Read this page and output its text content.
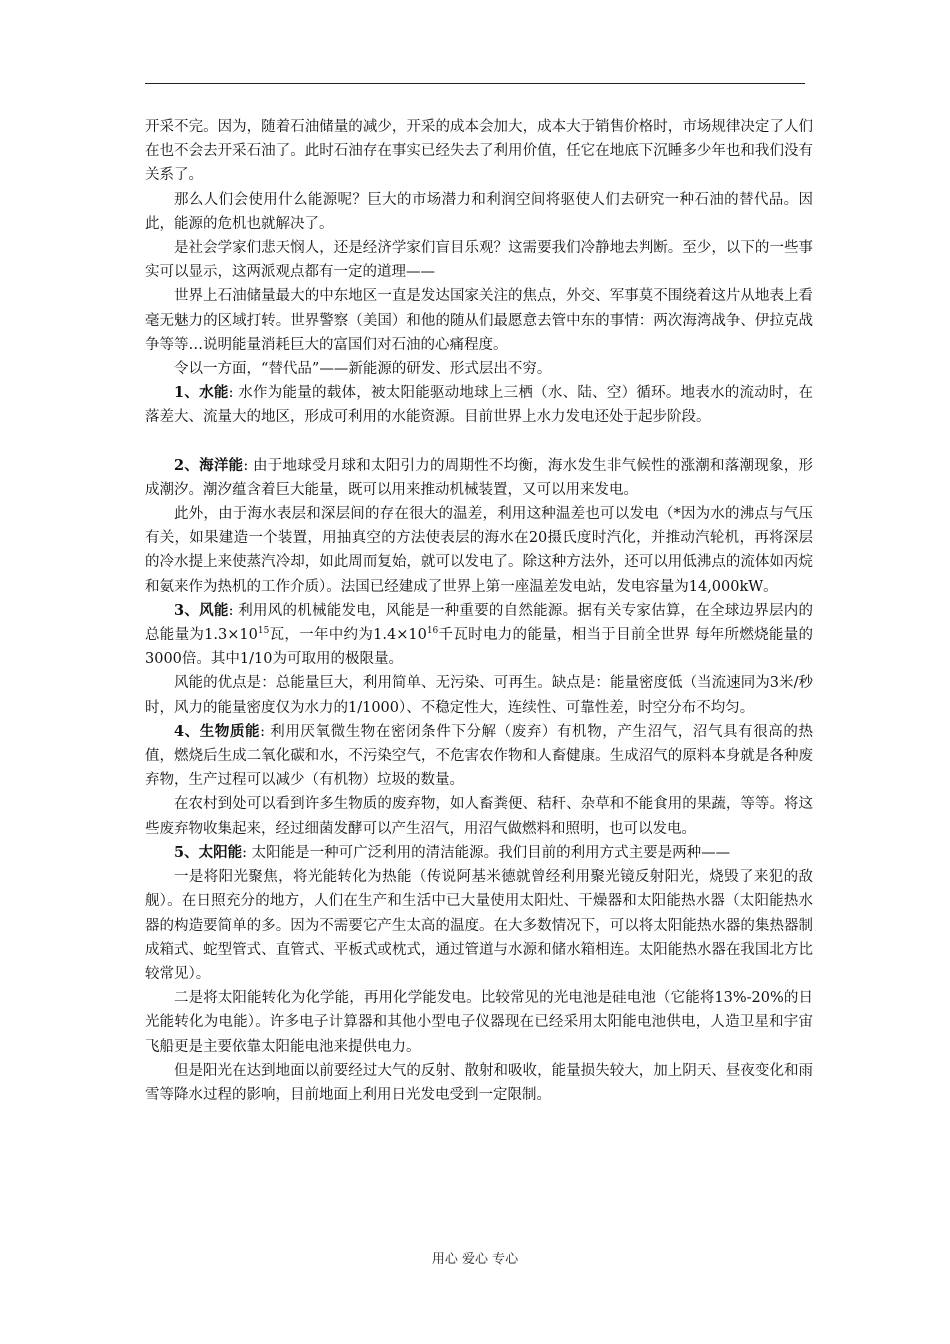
开采不完。因为，随着石油储量的减少，开采的成本会加大，成本大于销售价格时，市场规律决定了人们在也不会去开采石油了。此时石油存在事实已经失去了利用价值，任它在地底下沉睡多少年也和我们没有关系了。

那么人们会使用什么能源呢？巨大的市场潜力和利润空间将驱使人们去研究一种石油的替代品。因此，能源的危机也就解决了。

是社会学家们悲天悯人，还是经济学家们盲目乐观？这需要我们冷静地去判断。至少，以下的一些事实可以显示，这两派观点都有一定的道理——

世界上石油储量最大的中东地区一直是发达国家关注的焦点，外交、军事莫不围绕着这片从地表上看毫无魅力的区域打转。世界警察（美国）和他的随从们最愿意去管中东的事情：两次海湾战争、伊拉克战争等等…说明能量消耗巨大的富国们对石油的心痛程度。

令以一方面，“替代品”——新能源的研发、形式层出不穷。

1、水能: 水作为能量的载体，被太阳能驱动地球上三栖（水、陆、空）循环。地表水的流动时，在落差大、流量大的地区，形成可利用的水能资源。目前世界上水力发电还处于起步阶段。

2、海洋能: 由于地球受月球和太阳引力的周期性不均衡，海水发生非气候性的涨潮和落潮现象，形成潮汐。潮汐蕴含着巨大能量，既可以用来推动机械装置，又可以用来发电。

此外，由于海水表层和深层间的存在很大的温差，利用这种温差也可以发电（*因为水的沸点与气压有关，如果建造一个装置，用抽真空的方法使表层的海水在20摄氏度时汽化，并推动汽轮机，再将深层的冷水提上来使蒸汽冷却，如此周而复始，就可以发电了。除这种方法外，还可以用低沸点的流体如丙烷和氨来作为热机的工作介质）。法国已经建成了世界上第一座温差发电站，发电容量为14,000kW。

3、风能: 利用风的机械能发电，风能是一种重要的自然能源。据有关专家估算，在全球边界层内的总能量为$1.3\times 10^{15}$瓦，一年中约为$1.4\times 10^{16}$千瓦时电力的能量，相当于目前全世界 每年所燃烧能量的3000倍。其中1/10为可取用的极限量。

风能的优点是：总能量巨大，利用简单、无污染、可再生。缺点是：能量密度低（当流速同为3米/秒时，风力的能量密度仅为水力的1/1000）、不稳定性大，连续性、可靠性差，时空分布不均匀。

4、生物质能: 利用厌氧微生物在密闭条件下分解（废弃）有机物，产生沼气，沼气具有很高的热值，燃烧后生成二氧化碳和水，不污染空气，不危害农作物和人畜健康。生成沼气的原料本身就是各种废弃物，生产过程可以减少（有机物）垃圾的数量。

在农村到处可以看到许多生物质的废弃物，如人畜粪便、秸秆、杂草和不能食用的果蔬，等等。将这些废弃物收集起来，经过细菌发酵可以产生沼气，用沼气做燃料和照明，也可以发电。

5、太阳能: 太阳能是一种可广泛利用的清洁能源。我们目前的利用方式主要是两种——

一是将阳光聚焦，将光能转化为热能（传说阿基米德就曾经利用聚光镜反射阳光，烧毁了来犯的敌舰）。在日照充分的地方，人们在生产和生活中已大量使用太阳灶、干燥器和太阳能热水器（太阳能热水器的构造要简单的多。因为不需要它产生太高的温度。在大多数情况下，可以将太阳能热水器的集热器制成箱式、蛇型管式、直管式、平板式或枕式，通过管道与水源和储水箱相连。太阳能热水器在我国北方比较常见）。

二是将太阳能转化为化学能，再用化学能发电。比较常见的光电池是硅电池（它能将13%-20%的日光能转化为电能）。许多电子计算器和其他小型电子仪器现在已经采用太阳能电池供电，人造卫星和宇宙飞船更是主要依靠太阳能电池来提供电力。

但是阳光在达到地面以前要经过大气的反射、散射和吸收，能量损失较大，加上阴天、昼夜变化和雨雪等降水过程的影响，目前地面上利用日光发电受到一定限制。

用心 爱心 专心
